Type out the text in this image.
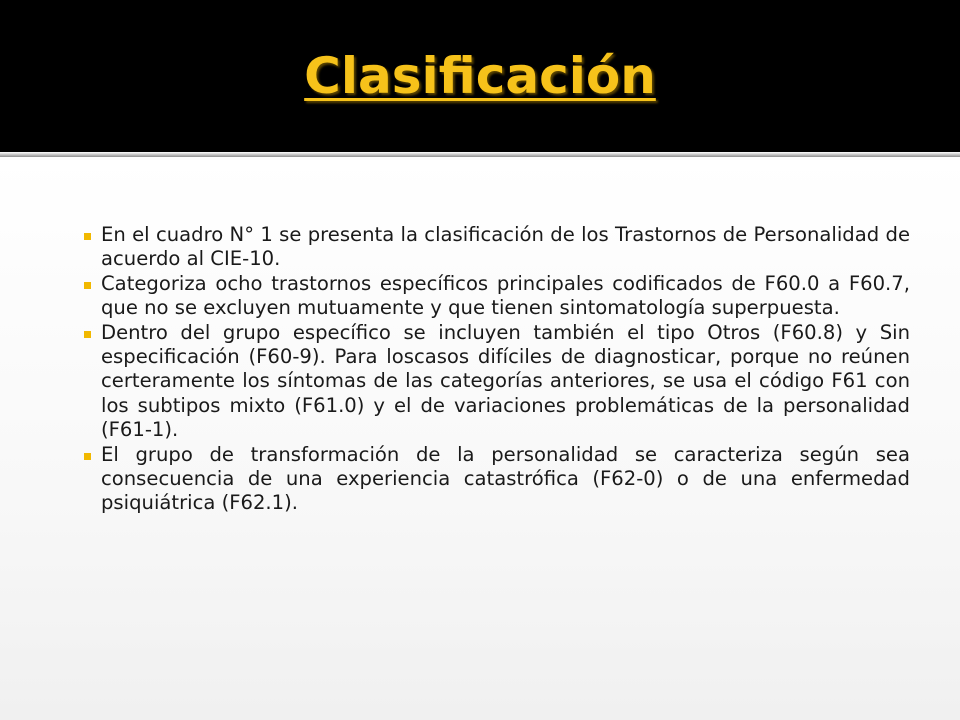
Clasificación
En el cuadro N° 1 se presenta la clasificación de los Trastornos de Personalidad de acuerdo al CIE-10.
Categoriza ocho trastornos específicos principales codificados de F60.0 a F60.7, que no se excluyen mutuamente y que tienen sintomatología superpuesta.
Dentro del grupo específico se incluyen también el tipo Otros (F60.8) y Sin especificación (F60-9). Para loscasos difíciles de diagnosticar, porque no reúnen certeramente los síntomas de las categorías anteriores, se usa el código F61 con los subtipos mixto (F61.0) y el de variaciones problemáticas de la personalidad (F61-1).
El grupo de transformación de la personalidad se caracteriza según sea consecuencia de una experiencia catastrófica (F62-0) o de una enfermedad psiquiátrica (F62.1).
